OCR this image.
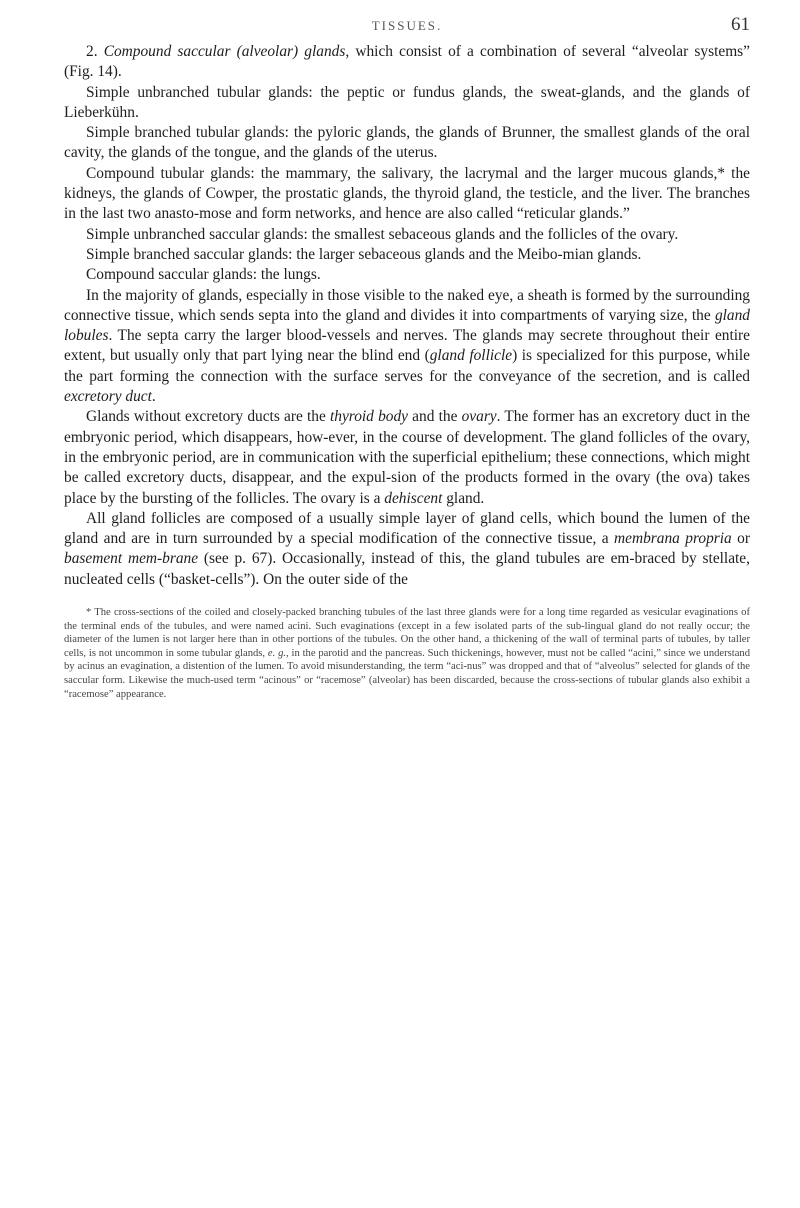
TISSUES.	61

2. Compound saccular (alveolar) glands, which consist of a combination of several “alveolar systems” (Fig. 14).

Simple unbranched tubular glands: the peptic or fundus glands, the sweat-glands, and the glands of Lieberkühn.

Simple branched tubular glands: the pyloric glands, the glands of Brunner, the smallest glands of the oral cavity, the glands of the tongue, and the glands of the uterus.

Compound tubular glands: the mammary, the salivary, the lacrymal and the larger mucous glands,* the kidneys, the glands of Cowper, the prostatic glands, the thyroid gland, the testicle, and the liver. The branches in the last two anasto-mose and form networks, and hence are also called “reticular glands.”

Simple unbranched saccular glands: the smallest sebaceous glands and the follicles of the ovary.

Simple branched saccular glands: the larger sebaceous glands and the Meibo-mian glands.

Compound saccular glands: the lungs.

In the majority of glands, especially in those visible to the naked eye, a sheath is formed by the surrounding connective tissue, which sends septa into the gland and divides it into compartments of varying size, the gland lobules. The septa carry the larger blood-vessels and nerves. The glands may secrete throughout their entire extent, but usually only that part lying near the blind end (gland follicle) is specialized for this purpose, while the part forming the connection with the surface serves for the conveyance of the secretion, and is called excretory duct.

Glands without excretory ducts are the thyroid body and the ovary. The former has an excretory duct in the embryonic period, which disappears, how-ever, in the course of development. The gland follicles of the ovary, in the embryonic period, are in communication with the superficial epithelium; these connections, which might be called excretory ducts, disappear, and the expul-sion of the products formed in the ovary (the ova) takes place by the bursting of the follicles. The ovary is a dehiscent gland.

All gland follicles are composed of a usually simple layer of gland cells, which bound the lumen of the gland and are in turn surrounded by a special modification of the connective tissue, a membrana propria or basement mem-brane (see p. 67). Occasionally, instead of this, the gland tubules are em-braced by stellate, nucleated cells (“basket-cells”). On the outer side of the

* The cross-sections of the coiled and closely-packed branching tubules of the last three glands were for a long time regarded as vesicular evaginations of the terminal ends of the tubules, and were named acini. Such evaginations (except in a few isolated parts of the sub-lingual gland do not really occur; the diameter of the lumen is not larger here than in other portions of the tubules. On the other hand, a thickening of the wall of terminal parts of tubules, by taller cells, is not uncommon in some tubular glands, e. g., in the parotid and the pancreas. Such thickenings, however, must not be called “acini,” since we understand by acinus an evagination, a distention of the lumen. To avoid misunderstanding, the term “aci-nus” was dropped and that of “alveolus” selected for glands of the saccular form. Likewise the much-used term “acinous” or “racemose” (alveolar) has been discarded, because the cross-sections of tubular glands also exhibit a “racemose” appearance.
